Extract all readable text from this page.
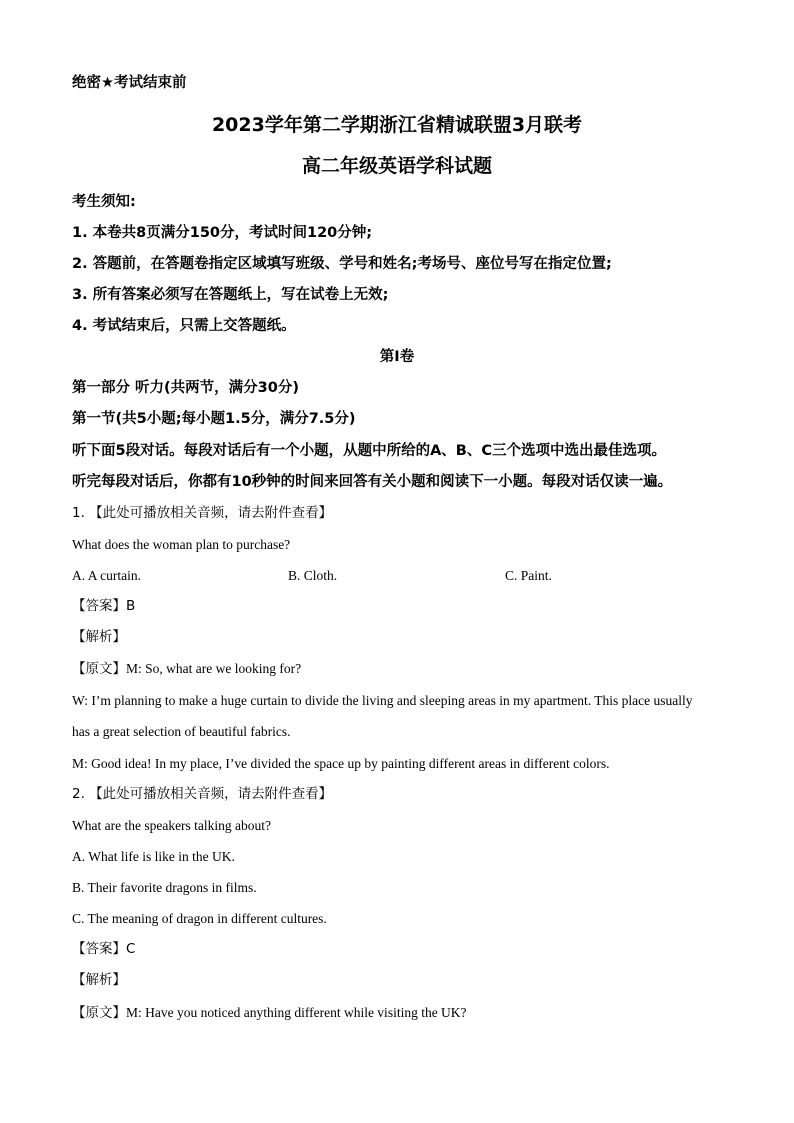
绝密★考试结束前
2023学年第二学期浙江省精诚联盟3月联考
高二年级英语学科试题
考生须知:
1. 本卷共8页满分150分，考试时间120分钟;
2. 答题前，在答题卷指定区域填写班级、学号和姓名;考场号、座位号写在指定位置;
3. 所有答案必须写在答题纸上，写在试卷上无效;
4. 考试结束后，只需上交答题纸。
第I卷
第一部分 听力(共两节，满分30分)
第一节(共5小题;每小题1.5分，满分7.5分)
听下面5段对话。每段对话后有一个小题，从题中所给的A、B、C三个选项中选出最佳选项。
听完每段对话后，你都有10秒钟的时间来回答有关小题和阅读下一小题。每段对话仅读一遍。
1. 【此处可播放相关音频，请去附件查看】
What does the woman plan to purchase?
A. A curtain.	B. Cloth.	C. Paint.
【答案】B
【解析】
【原文】M: So, what are we looking for?
W: I’m planning to make a huge curtain to divide the living and sleeping areas in my apartment. This place usually
has a great selection of beautiful fabrics.
M: Good idea! In my place, I’ve divided the space up by painting different areas in different colors.
2. 【此处可播放相关音频，请去附件查看】
What are the speakers talking about?
A. What life is like in the UK.
B. Their favorite dragons in films.
C. The meaning of dragon in different cultures.
【答案】C
【解析】
【原文】M: Have you noticed anything different while visiting the UK?
